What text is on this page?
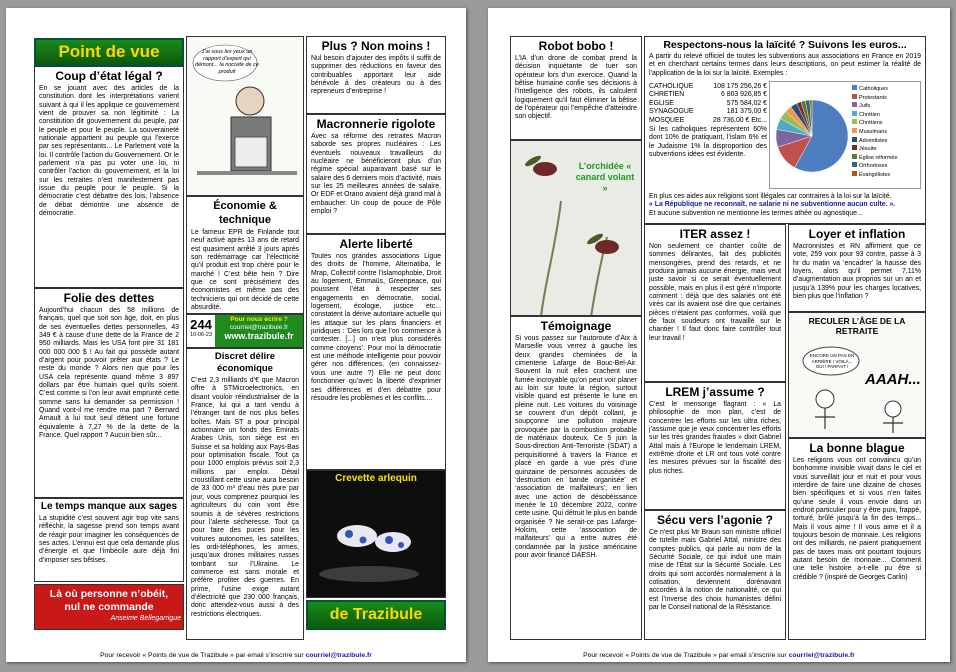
Point de vue
Coup d’état légal ?
En se jouant avec des articles de la constitution dont les interprétations varient suivant à qui il les applique ce gouvernement vient de prouver sa non légitimité : La constitution dit gouvernement du peuple, par le peuple et pour le peuple. La souveraineté nationale appartient au peuple qui l’exerce par ses représentants... Le Parlement vote la loi. Il contrôle l’action du Gouvernement. Or le parlement n’a pas pu voter une loi, ni contrôler l’action du gouvernement, et la loi sur les retraites n’est manifestement pas issue du peuple pour le peuple. Si la démocratie c’est débattre des lois, l’absence de débat démontre une absence de démocratie.
Folie des dettes
Aujourd’hui chacun des 58 millions de français, quel que soit son âge, doit, en plus de ses éventuelles dettes personnelles, 43 349 € à cause d’une dette de la France de 2 950 milliards. Mais les USA font pire 31 181 000 000 000 $ ! Au fait qui possède autant d’argent pour pouvoir prêter aux états ? Le reste du monde ? Alors rien que pour les USA cela représente quand même 3 897 dollars par être humain quel qu’ils soient. C’est comme si l’on leur avait emprunté cette somme sans lui demander sa permission ! Quand vont-il me rendre ma part ? Bernard Arnault à lui tout seul détient une fortune équivalente à 7,27 % de la dette de la France. Quel rapport ? Aucun bien sûr...
Le temps manque aux sages
La stupidité c’est souvent agir trop vite sans réfléchir, la sagesse prend son temps avant de réagir pour imaginer les conséquences de ses actes. L’ennui est que cela demande plus d’énergie et que l’imbécile aure déjà fini d’imposer ses bêtises.
Là où personne n’obéit,
nul ne commande
Anseime Bellegarrigue
J’ai sous les yeux un rapport d’expert qui démont... la nocivité de ce produit
Économie & technique
Le fameux EPR de Finlande tout neuf activé après 13 ans de retard est quasiment arrêté 3 jours après son redémarrage car l’électricité qu’il produit est trop chère pour le marché ! C’est bête hein ? Dire que ce sont précisément des économistes et même pas des techniciens qui ont décidé de cette absurdité.
244
10-06-23
Pour nous écrire ?
courriel@trazibule.fr
www.trazibule.fr
Discret délire économique
C’est 2,3 milliards d’€ que Macron offre à STMicroelectronics, en disant vouloir réindustrialiser de la France, lui qui a tant vendu à l’étranger tant de nos plus belles boîtes. Mais ST a pour principal actionnaire un fonds des Emirats Arabes Unis, son siège est en Suisse et sa holding aux Pays-Bas pour optimisation fiscale. Tout ça pour 1000 emplois prévus soit 2,3 millions par emploi. Détail croustillant cette usine aura besoin de 33 000 m³ d’eau très pure par jour, vous comprenez pourquoi les agriculteurs du coin vont être soumis à de sévères restrictions pour l’alerte sécheresse. Tout ça pour faire des puces pour les voitures autonomes, les satellites, les ordi-téléphones, les armes, jusqu’aux drones militaires russes tombant sur l’Ukraine. Le commerce est sans morale et préfère profiter des guerres. En prime, l’usine exige autant d’électricité que 230 000 français, donc attendez-vous aussi à des restrictions électriques.
Plus ? Non moins !
Nul besoin d’ajouter des impôts il suffit de supprimer des réductions en faveur des contribuables apportant leur aide bénévole à des créateurs ou à des repreneurs d’entreprise !
Macronnerie rigolote
Avec sa réforme des retraites Macron saborde ses propres nucléaires : Les éventuels nouveaux travailleurs du nucléaire ne bénéficieront plus d’un régime spécial auparavant basé sur le salaire des 6 derniers mois d’activité, mais sur les 25 meilleures années de salaire. Or EDF et Orano avaient déjà grand mal à embaucher. Un coup de pouce de Pôle emploi ?
Alerte liberté
Toutes nos grandes associations Ligue des droits de l’homme, Alternatiba, le Mrap, Collectif contre l’islamophobie, Droit au logement, Emmaüs, Greenpeace, qui poussent l’état à respecter ses engagements en démocratie, social, logement, écologie, justice etc... constatent la dérive autoritaire actuelle qui les attaque sur les plans financiers et juridiques : ‘Dès lors que l’on commence à contester. [...] on n’est plus considérés comme citoyens’. Pour moi la démocratie est une méthode intelligente pour pouvoir gérer nos différences, (en connaissez-vous une autre ?) Elle ne peut donc fonctionner qu’avec la liberté d’exprimer ses différences et d’en débattre pour résoudre les problèmes et les conflits....
Crevette arlequin
de Trazibule
Pour recevoir « Points de vue de Trazibule » par email s’inscrire sur courriel@trazibule.fr
Robot bobo !
L’IA d’un drone de combat prend la décision inquiétante de tuer son opérateur lors d’un exercice. Quand la bêtise humaine confie ses décisions à l’intelligence des robots, ils calculent logiquement qu’il faut éliminer la bêtise de l’opérateur qui l’empêche d’atteindre son objectif.
L’orchidée « canard volant »
Témoignage
Si vous passez sur l’autoroute d’Aix à Marseille vous verrez à gauche les deux grandes cheminées de la cimenterie Lafarge de Bouc-Bel-Air. Souvent la nuit elles crachent une fumée incroyable qu’on peut voir planer au loin sur toute la région, surtout visible quand est présente le lune en pleine nuit. Les voitures du voisinage se couvrent d’un dépôt collant, je soupçonne une pollution majeure provoquée par la combustion probable de matériaux douteux. Ce 5 juin la Sous-direction Anti-Terroriste (SDAT) a perquisitionné à travers la France et placé en garde à vue près d’une quinzaine de personnes accusées de ‘destruction en bande organisée’ et ‘association de malfaiteurs’, en lien avec une action de désobéissance menée le 10 décembre 2022, contre cette usine. Qui détruit le plus en bande organisée ? Ne serait-ce pas Lafarge-Holcim, cette ‘association de malfaiteurs’ qui a entre autres été condamnée par la justice américaine pour avoir financé DAESH.
Respectons-nous la laïcité ? Suivons les euros...
A partir du relevé officiel de toutes les subventions aux associations en France en 2019 et en cherchant certains termes dans leurs descriptions, on peut estimer la réalité de l’application de la loi sur la laïcité. Exemples :
CATHOLIQUE	108 175 256,26 €
CHRETIEN	6 803 926,85 €
EGLISE	575 584,02 €
SYNAGOGUE	181 375,00 €
MOSQUEE	28 736,00 € Etc...
Si les catholiques représentent 60% dont 10% de pratiquant, l’islam 6% et le Judaisme 1% la disproportion des subventions idées est évidente.
Catholiques
Protestants
Juifs
Chrétien
Chrétiens
Musulmans
Adventistes
Jésuite
Église réformée
Orthodoxes
Évangélistes
En plus ces aides aux religions sont illégales car contraires à la loi sur la laïcité.
« La République ne reconnaît, ne salarie ni ne subventionne aucun culte. ».
Et aucune subvention ne mentionne les termes athée ou agnostique...
ITER assez !
Non seulement ce chantier coûte de sommes délirantes, fait des publicités mensongères, prend des retards, et ne produira jamais aucune énergie, mais veut juste savoir si ce serait éventuellement possible, mais en plus il est géré n’importe comment : déjà que des salariés ont été virés car ils avaient osé dire que certaines pièces n’étaient pas conformes, voilà que de faux soudeurs ont travaillé sur le chantier ! Il faut donc faire contrôler tout leur travail !
LREM j’assume ?
C’est le mensonge flagrant : « La philosophie de mon plan, c’est de concentrer les efforts sur les ultra riches, j’assume que je veux concentrer les efforts sur les très grandes fraudes » dixit Gabriel Attal mais à l’Europe le lendemain LREM, extrême droite et LR ont tous voté contre les mesures prévues sur la fiscalité des plus riches.
Sécu vers l’agonie ?
Ce n’est plus Mr Braun son ministre officiel de tutelle mais Gabriel Attal, ministre des comptes publics, qui parle au nom de la Sécurité Sociale, ce qui induit une main mise de l’État sur la Sécurité Sociale. Les droits qui sont accordés normalement à la cotisation, deviennent dorénavant accordés à la notion de nationalité, ce qui est l’inverse des choix humanistes défini par le Conseil national de la Résistance.
Loyer et inflation
Macronnistes et RN affirment que ce vote, 259 voix pour 93 contre, passe à 3 hr du matin va ‘encadrer’ la hausse des loyers, alors qu’il permet 7,11% d’augmentation aux proprios sur un an et jusqu’à 139% pour les charges locatives, bien plus que l’inflation ?
RECULER L’ÂGE DE LA RETRAITE
ENCORE UN PAS EN ARRIÈRE ! VOILÀ... OUI ! PARFAIT !
AAAH...
La bonne blague
Les religions vous ont convaincu qu’un bonhomme invisible vivait dans le ciel et vous surveillait jour et nuit et pour vous interdire de faire une dizaine de choses bien spécifiques et si vous n’en faites qu’une seule il vous envoie dans un endroit particulier pour y être puni, frappé, torturé, brûlé jusqu’à la fin des temps... Mais il vous aime ! Il vous aime et il a toujours besoin de monnaie. Les religions ont des milliards, ne paient pratiquement pas de taxes mais ont pourtant toujours autant besoin de monnaie... Comment une telle histoire a-t-elle pu être si crédible ? (inspiré de Georges Carlin)
Pour recevoir « Points de vue de Trazibule » par email s’inscrire sur courriel@trazibule.fr
